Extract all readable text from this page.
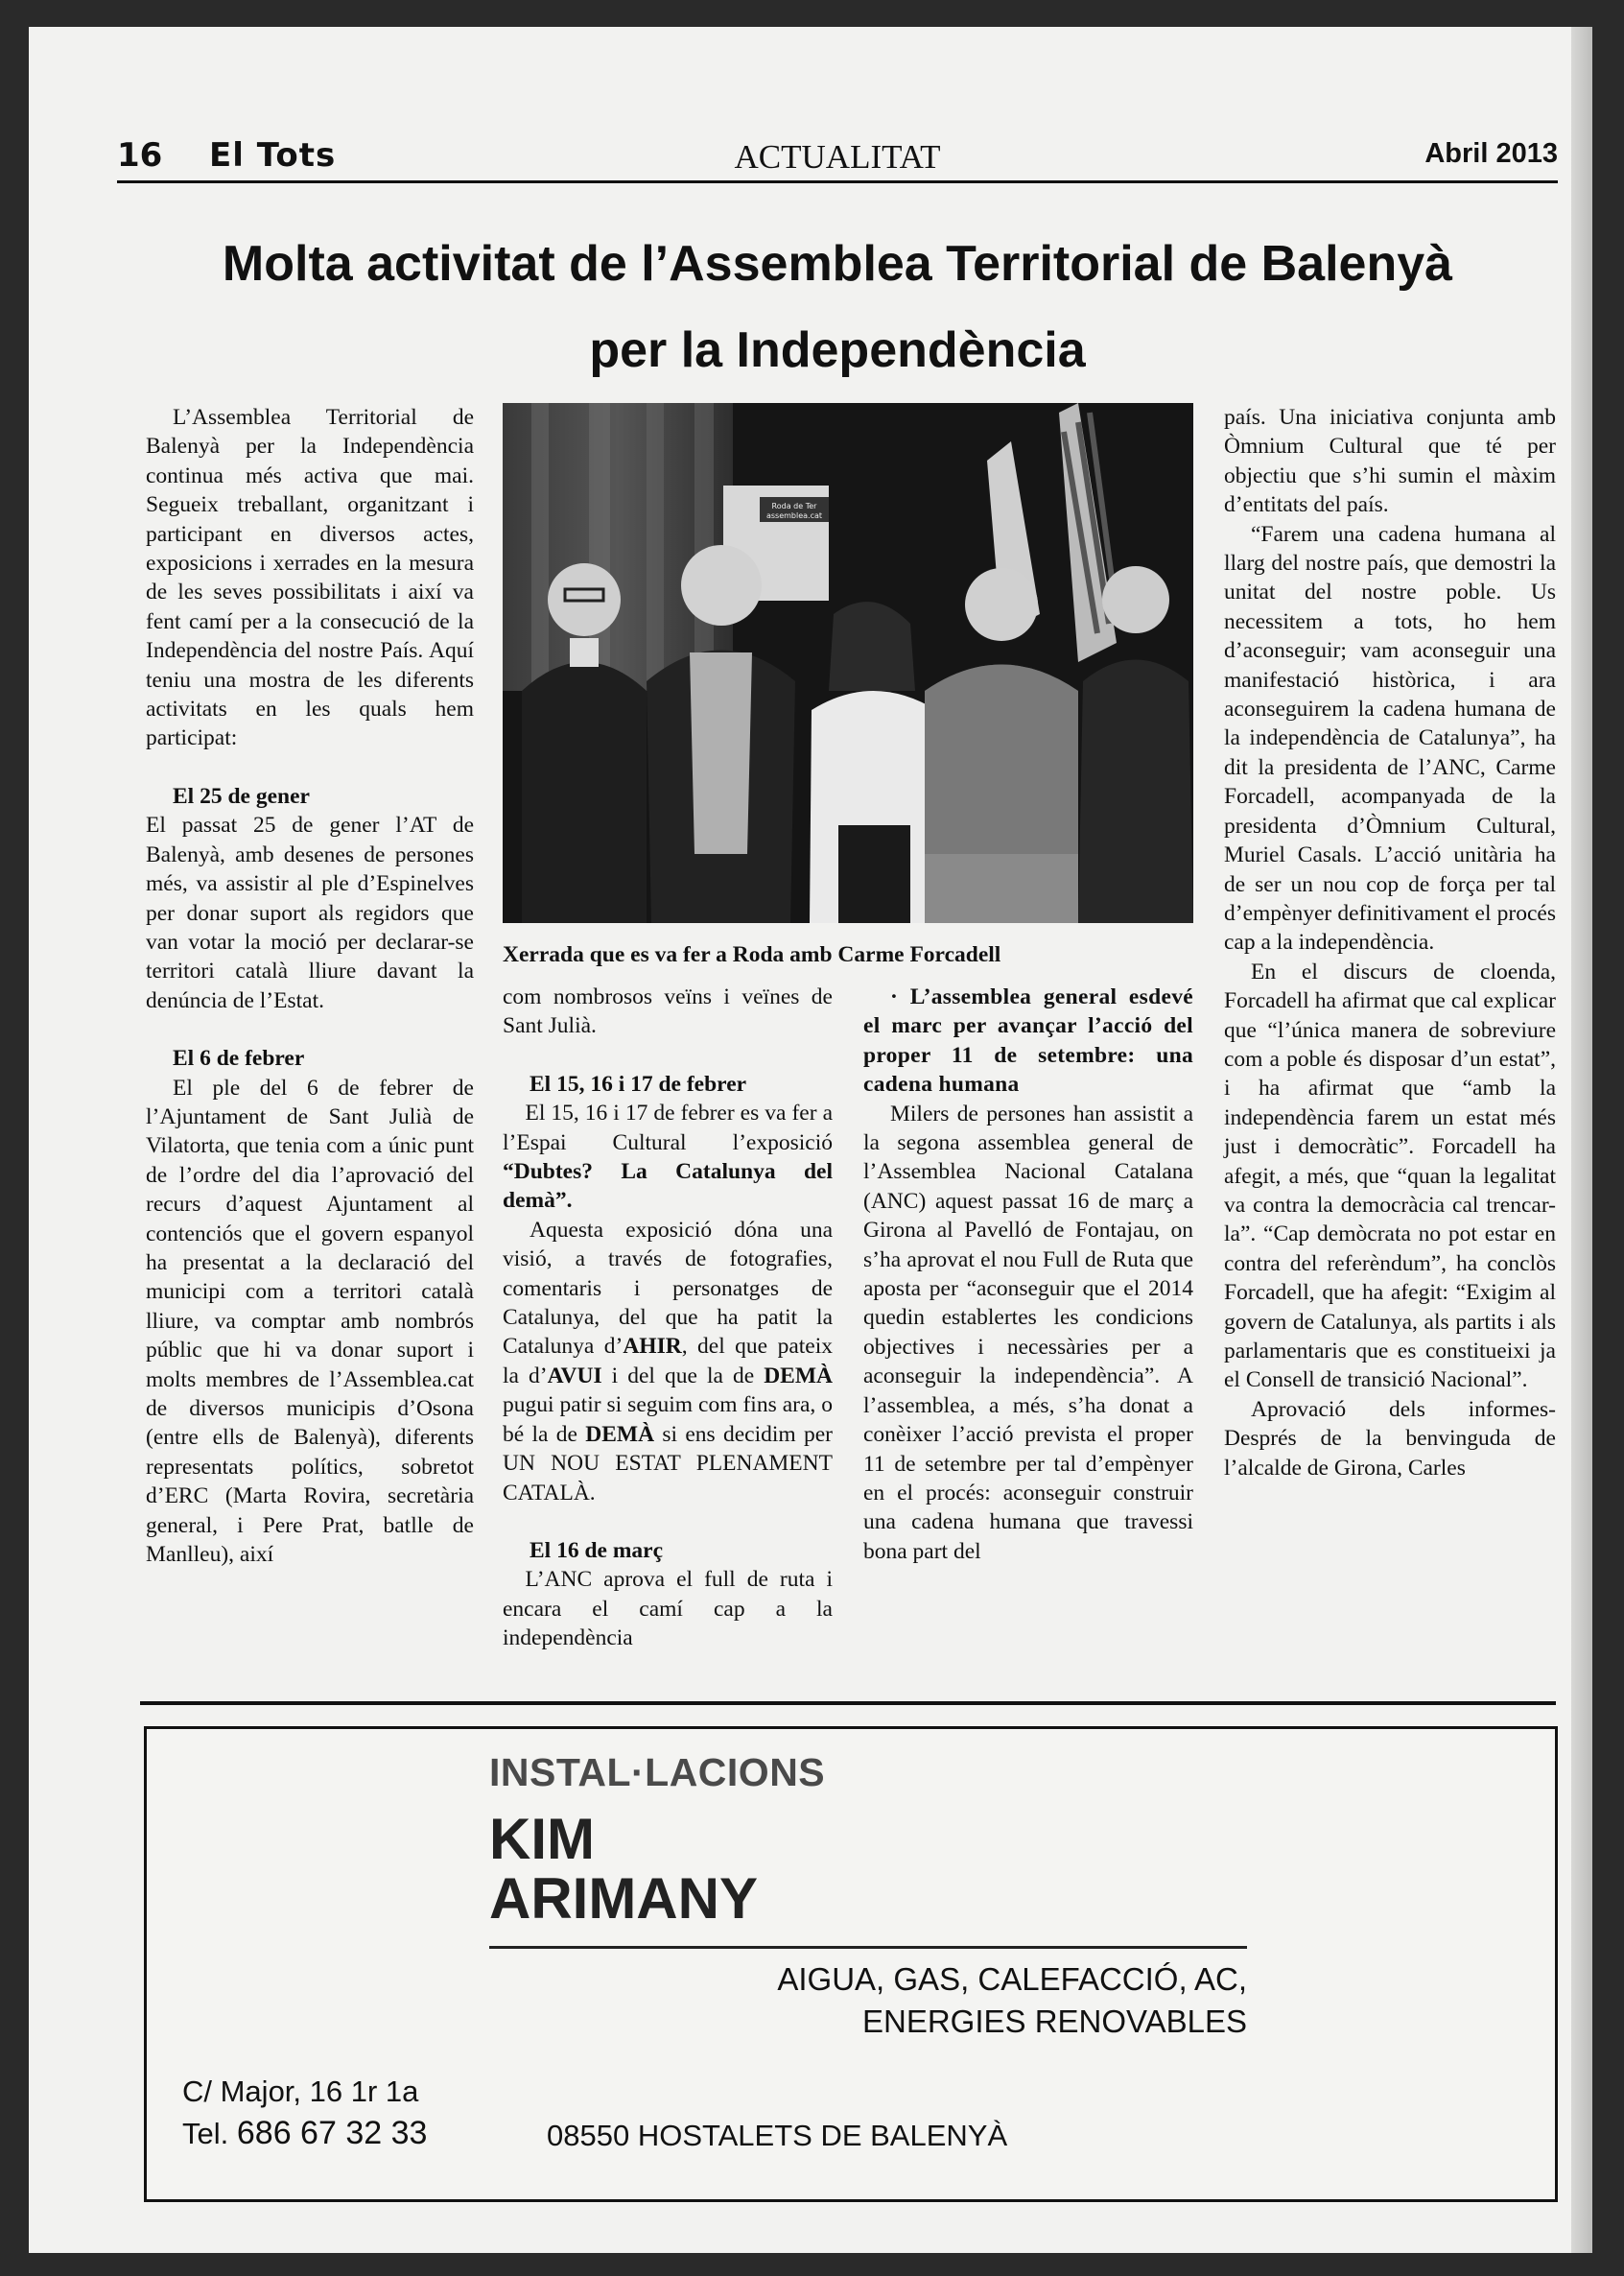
16 El Tots	ACTUALITAT	Abril 2013
Molta activitat de l’Assemblea Territorial de Balenyà
per la Independència

L’Assemblea Territorial de Balenyà per la Independència continua més activa que mai. Segueix treballant, organitzant i participant en diversos actes, exposicions i xerrades en la mesura de les seves possibilitats i així va fent camí per a la consecució de la Independència del nostre País. Aquí teniu una mostra de les diferents activitats en les quals hem participat:

El 25 de gener

El passat 25 de gener l’AT de Balenyà, amb desenes de persones més, va assistir al ple d’Espinelves per donar suport als regidors que van votar la moció per declarar-se territori català lliure davant la denúncia de l’Estat.

El 6 de febrer

El ple del 6 de febrer de l’Ajuntament de Sant Julià de Vilatorta, que tenia com a únic punt de l’ordre del dia l’aprovació del recurs d’aquest Ajuntament al contenciós que el govern espanyol ha presentat a la declaració del municipi com a territori català lliure, va comptar amb nombrós públic que hi va donar suport i molts membres de l’Assemblea.cat de diversos municipis d’Osona (entre ells de Balenyà), diferents representats polítics, sobretot d’ERC (Marta Rovira, secretària general, i Pere Prat, batlle de Manlleu), així

Roda de Ter
assemblea.cat
Xerrada que es va fer a Roda amb Carme Forcadell

com nombrosos veïns i veïnes de Sant Julià.

El 15, 16 i 17 de febrer

 El 15, 16 i 17 de febrer es va fer a l’Espai Cultural l’exposició “Dubtes? La Catalunya del demà”.

Aquesta exposició dóna una visió, a través de fotografies, comentaris i personatges de Catalunya, del que ha patit la Catalunya d’AHIR, del que pateix la d’AVUI i del que la de DEMÀ pugui patir si seguim com fins ara, o bé la de DEMÀ si ens decidim per UN NOU ESTAT PLENAMENT CATALÀ.

El 16 de març

 L’ANC aprova el full de ruta i encara el camí cap a la independència

· L’assemblea general esdevé el marc per avançar l’acció del proper 11 de setembre: una cadena humana

Milers de persones han assistit a la segona assemblea general de l’Assemblea Nacional Catalana (ANC) aquest passat 16 de març a Girona al Pavelló de Fontajau, on s’ha aprovat el nou Full de Ruta que aposta per “aconseguir que el 2014 quedin establertes les condicions objectives i necessàries per a aconseguir la independència”. A l’assemblea, a més, s’ha donat a conèixer l’acció prevista el proper 11 de setembre per tal d’empènyer en el procés: aconseguir construir una cadena humana que travessi bona part del

país. Una iniciativa conjunta amb Òmnium Cultural que té per objectiu que s’hi sumin el màxim d’entitats del país.

“Farem una cadena humana al llarg del nostre país, que demostri la unitat del nostre poble. Us necessitem a tots, ho hem d’aconseguir; vam aconseguir una manifestació històrica, i ara aconseguirem la cadena humana de la independència de Catalunya”, ha dit la presidenta de l’ANC, Carme Forcadell, acompanyada de la presidenta d’Òmnium Cultural, Muriel Casals. L’acció unitària ha de ser un nou cop de força per tal d’empènyer definitivament el procés cap a la independència.

En el discurs de cloenda, Forcadell ha afirmat que cal explicar que “l’única manera de sobreviure com a poble és disposar d’un estat”, i ha afirmat que “amb la independència farem un estat més just i democràtic”. Forcadell ha afegit, a més, que “quan la legalitat va contra la democràcia cal trencar-la”. “Cap demòcrata no pot estar en contra del referèndum”, ha conclòs Forcadell, que ha afegit: “Exigim al govern de Catalunya, als partits i als parlamentaris que es constitueixi ja el Consell de transició Nacional”.

Aprovació dels informes- Després de la benvinguda de l’alcalde de Girona, Carles

INSTAL·LACIONS
KIM
ARIMANY
AIGUA, GAS, CALEFACCIÓ, AC,
ENERGIES RENOVABLES
C/ Major, 16 1r 1a
Tel. 686 67 32 33	08550 HOSTALETS DE BALENYÀ
